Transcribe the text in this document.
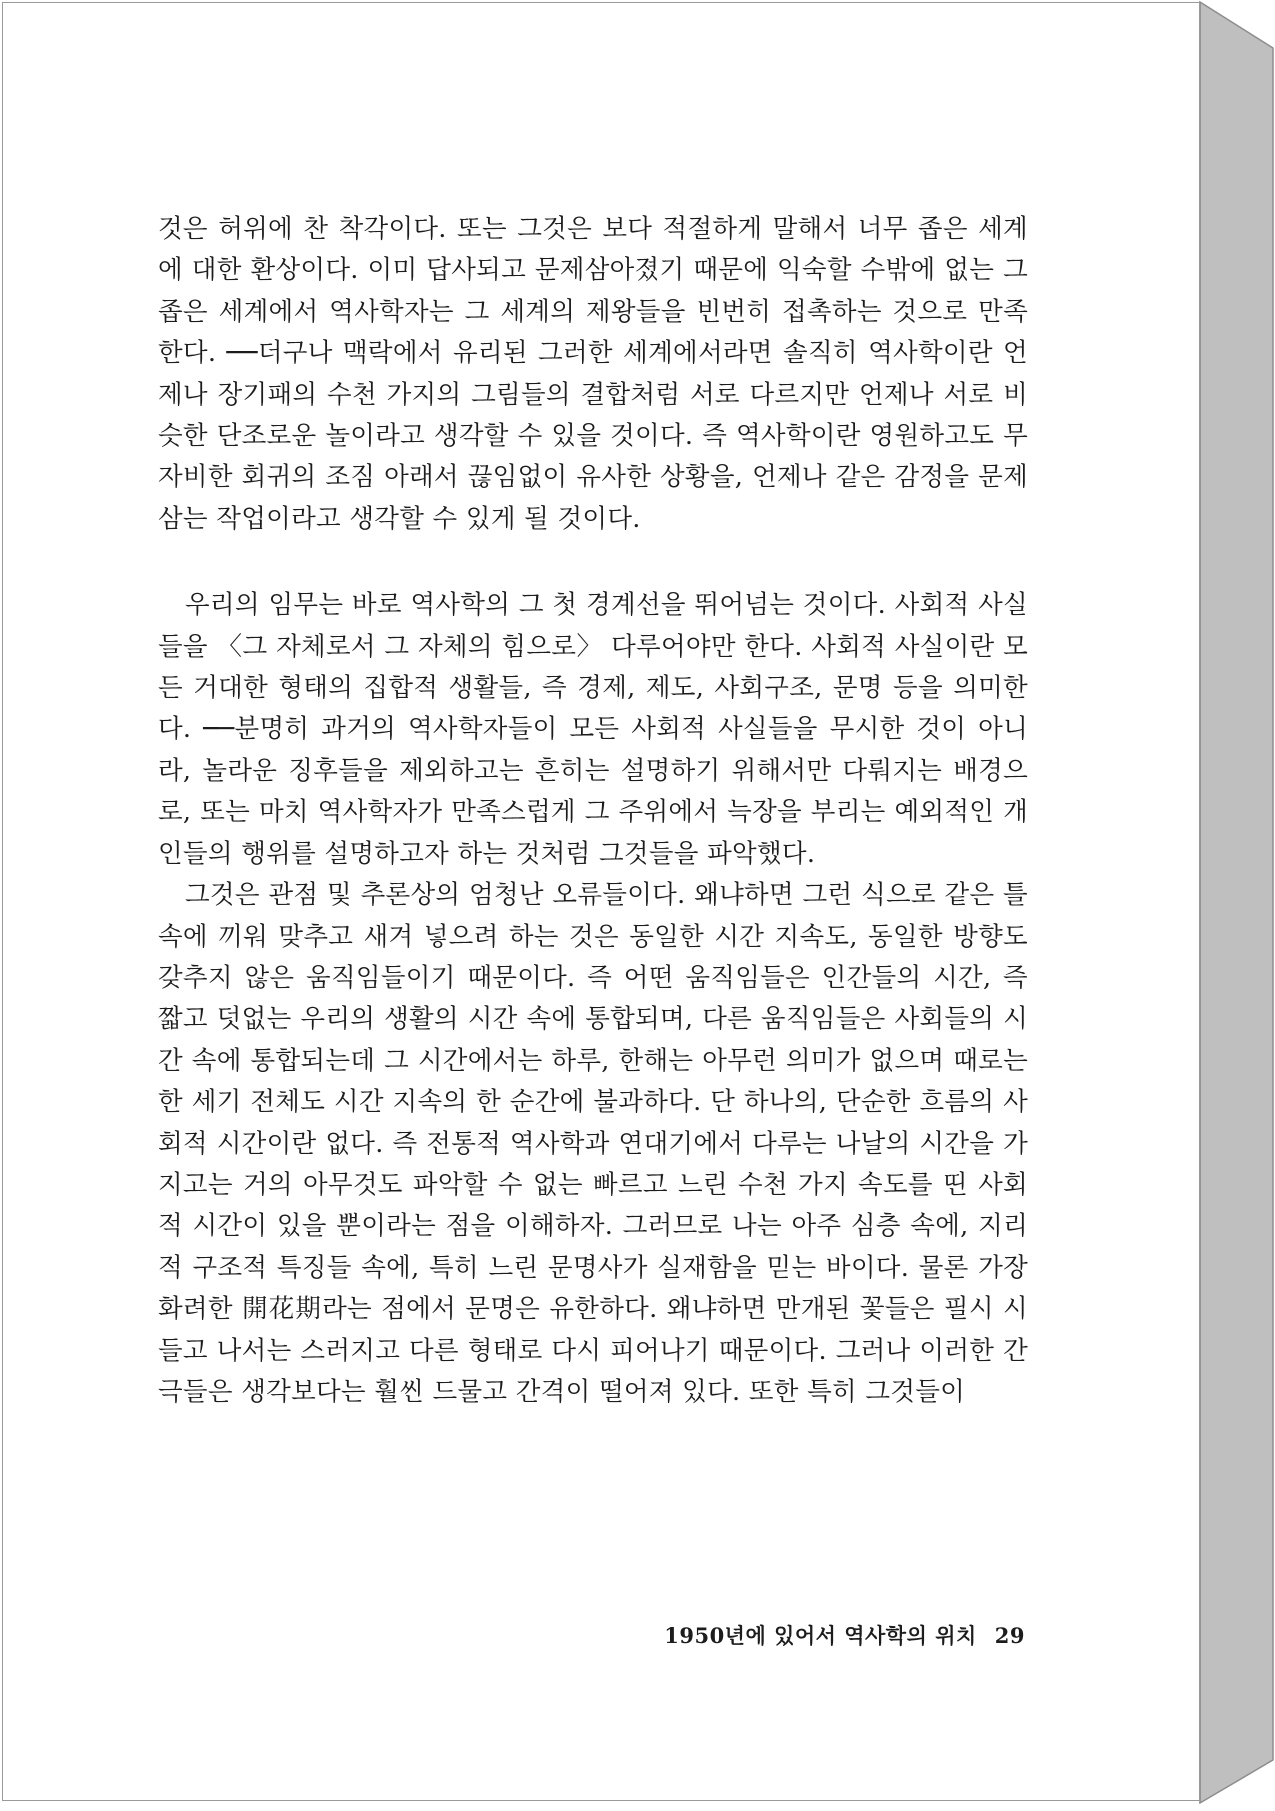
것은 허위에 찬 착각이다. 또는 그것은 보다 적절하게 말해서 너무 좁은 세계에 대한 환상이다. 이미 답사되고 문제삼아졌기 때문에 익숙할 수밖에 없는 그 좁은 세계에서 역사학자는 그 세계의 제왕들을 빈번히 접촉하는 것으로 만족한다. ──더구나 맥락에서 유리된 그러한 세계에서라면 솔직히 역사학이란 언제나 장기패의 수천 가지의 그림들의 결합처럼 서로 다르지만 언제나 서로 비슷한 단조로운 놀이라고 생각할 수 있을 것이다. 즉 역사학이란 영원하고도 무자비한 회귀의 조짐 아래서 끊임없이 유사한 상황을, 언제나 같은 감정을 문제삼는 작업이라고 생각할 수 있게 될 것이다.

우리의 임무는 바로 역사학의 그 첫 경계선을 뛰어넘는 것이다. 사회적 사실들을 〈그 자체로서 그 자체의 힘으로〉 다루어야만 한다. 사회적 사실이란 모든 거대한 형태의 집합적 생활들, 즉 경제, 제도, 사회구조, 문명 등을 의미한다. ──분명히 과거의 역사학자들이 모든 사회적 사실들을 무시한 것이 아니라, 놀라운 징후들을 제외하고는 흔히는 설명하기 위해서만 다뤄지는 배경으로, 또는 마치 역사학자가 만족스럽게 그 주위에서 늑장을 부리는 예외적인 개인들의 행위를 설명하고자 하는 것처럼 그것들을 파악했다.

그것은 관점 및 추론상의 엄청난 오류들이다. 왜냐하면 그런 식으로 같은 틀 속에 끼워 맞추고 새겨 넣으려 하는 것은 동일한 시간 지속도, 동일한 방향도 갖추지 않은 움직임들이기 때문이다. 즉 어떤 움직임들은 인간들의 시간, 즉 짧고 덧없는 우리의 생활의 시간 속에 통합되며, 다른 움직임들은 사회들의 시간 속에 통합되는데 그 시간에서는 하루, 한해는 아무런 의미가 없으며 때로는 한 세기 전체도 시간 지속의 한 순간에 불과하다. 단 하나의, 단순한 흐름의 사회적 시간이란 없다. 즉 전통적 역사학과 연대기에서 다루는 나날의 시간을 가지고는 거의 아무것도 파악할 수 없는 빠르고 느린 수천 가지 속도를 띤 사회적 시간이 있을 뿐이라는 점을 이해하자. 그러므로 나는 아주 심층 속에, 지리적 구조적 특징들 속에, 특히 느린 문명사가 실재함을 믿는 바이다. 물론 가장 화려한 開花期라는 점에서 문명은 유한하다. 왜냐하면 만개된 꽃들은 필시 시들고 나서는 스러지고 다른 형태로 다시 피어나기 때문이다. 그러나 이러한 간극들은 생각보다는 훨씬 드물고 간격이 떨어져 있다. 또한 특히 그것들이

1950년에 있어서 역사학의 위치 29
